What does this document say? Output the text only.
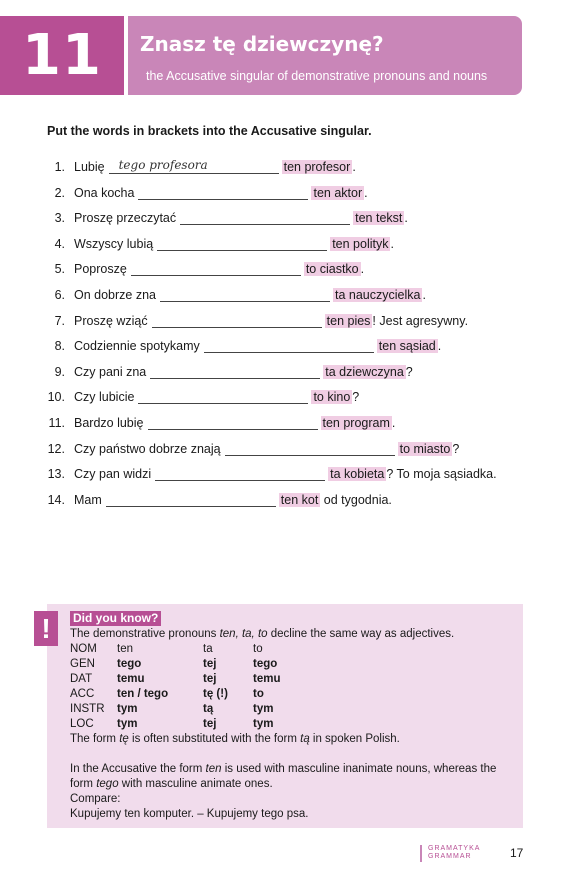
11	Znasz tę dziewczynę?
the Accusative singular of demonstrative pronouns and nouns
Put the words in brackets into the Accusative singular.
1. Lubię tego profesora	ten profesor .
2. Ona kocha	ten aktor .
3. Proszę przeczytać	ten tekst .
4. Wszyscy lubią	ten polityk .
5. Poproszę	to ciastko .
6. On dobrze zna	ta nauczycielka .
7. Proszę wziąć	ten pies ! Jest agresywny.
8. Codziennie spotykamy	ten sąsiad .
9. Czy pani zna	ta dziewczyna ?
10. Czy lubicie	to kino ?
11. Bardzo lubię	ten program .
12. Czy państwo dobrze znają	to miasto ?
13. Czy pan widzi	ta kobieta ? To moja sąsiadka.
14. Mam	ten kot od tygodnia.
Did you know?
The demonstrative pronouns ten, ta, to decline the same way as adjectives.
NOM	ten	ta	to
GEN	tego	tej	tego
DAT	temu	tej	temu
ACC	ten / tego	tę (!)	to
INSTR	tym	tą	tym
LOC	tym	tej	tym
The form tę is often substituted with the form tą in spoken Polish.
In the Accusative the form ten is used with masculine inanimate nouns, whereas the form tego with masculine animate ones.
Compare:
Kupujemy ten komputer. – Kupujemy tego psa.
!
GRAMATYKA
GRAMMAR	17
